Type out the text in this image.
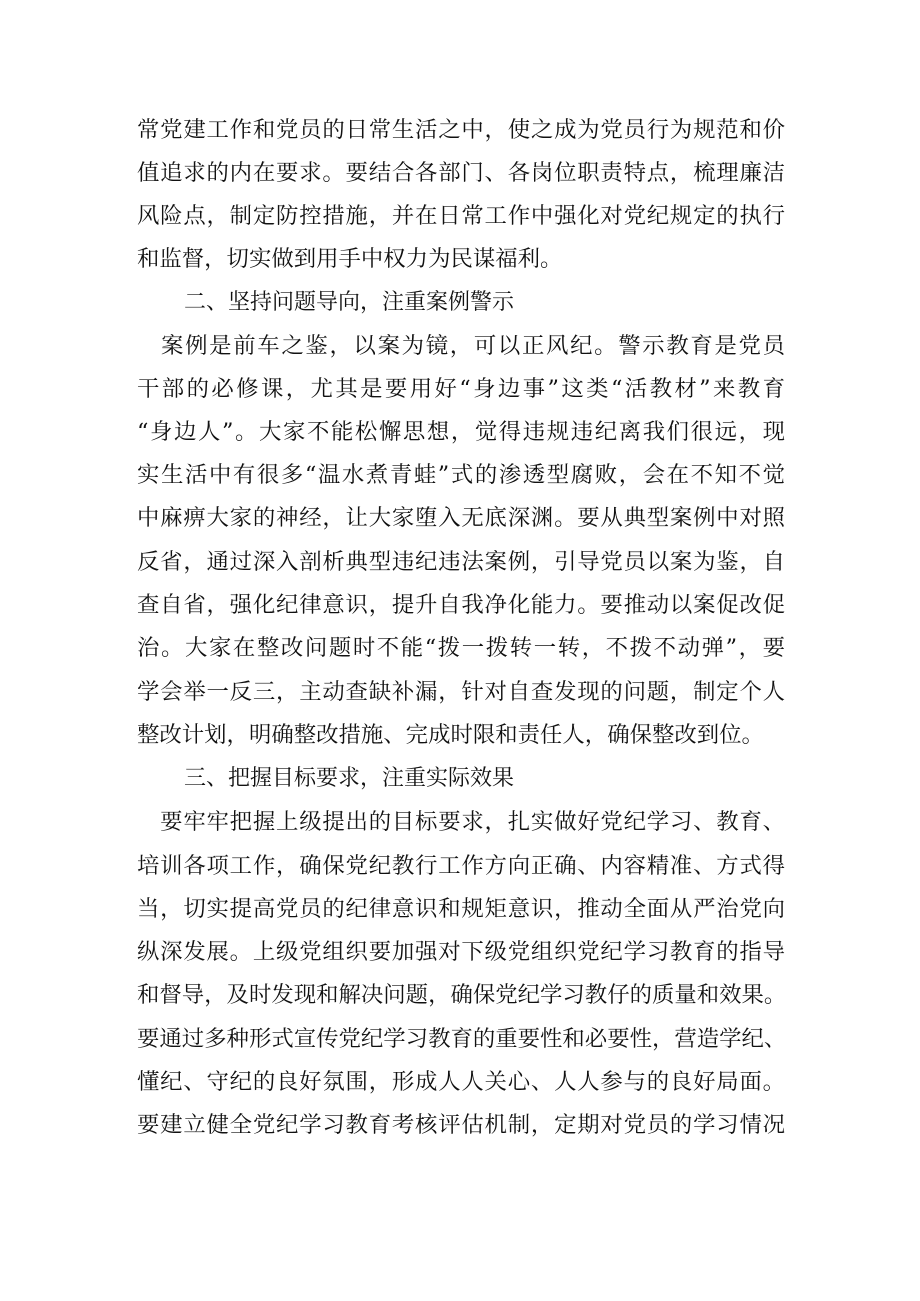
常党建工作和党员的日常生活之中，使之成为党员行为规范和价
值追求的内在要求。要结合各部门、各岗位职责特点，梳理廉洁
风险点，制定防控措施，并在日常工作中强化对党纪规定的执行
和监督，切实做到用手中权力为民谋福利。
二、坚持问题导向，注重案例警示
　案例是前车之鉴，以案为镜，可以正风纪。警示教育是党员
干部的必修课，尤其是要用好“身边事”这类“活教材”来教育
“身边人”。大家不能松懈思想，觉得违规违纪离我们很远，现
实生活中有很多“温水煮青蛙”式的渗透型腐败，会在不知不觉
中麻痹大家的神经，让大家堕入无底深渊。要从典型案例中对照
反省，通过深入剖析典型违纪违法案例，引导党员以案为鉴，自
查自省，强化纪律意识，提升自我净化能力。要推动以案促改促
治。大家在整改问题时不能“拨一拨转一转，不拨不动弹”，要
学会举一反三，主动查缺补漏，针对自查发现的问题，制定个人
整改计划，明确整改措施、完成时限和责任人，确保整改到位。
三、把握目标要求，注重实际效果
　要牢牢把握上级提出的目标要求，扎实做好党纪学习、教育、
培训各项工作，确保党纪教行工作方向正确、内容精准、方式得
当，切实提高党员的纪律意识和规矩意识，推动全面从严治党向
纵深发展。上级党组织要加强对下级党组织党纪学习教育的指导
和督导，及时发现和解决问题，确保党纪学习教仔的质量和效果。
要通过多种形式宣传党纪学习教育的重要性和必要性，营造学纪、
懂纪、守纪的良好氛围，形成人人关心、人人参与的良好局面。
要建立健全党纪学习教育考核评估机制，定期对党员的学习情况
